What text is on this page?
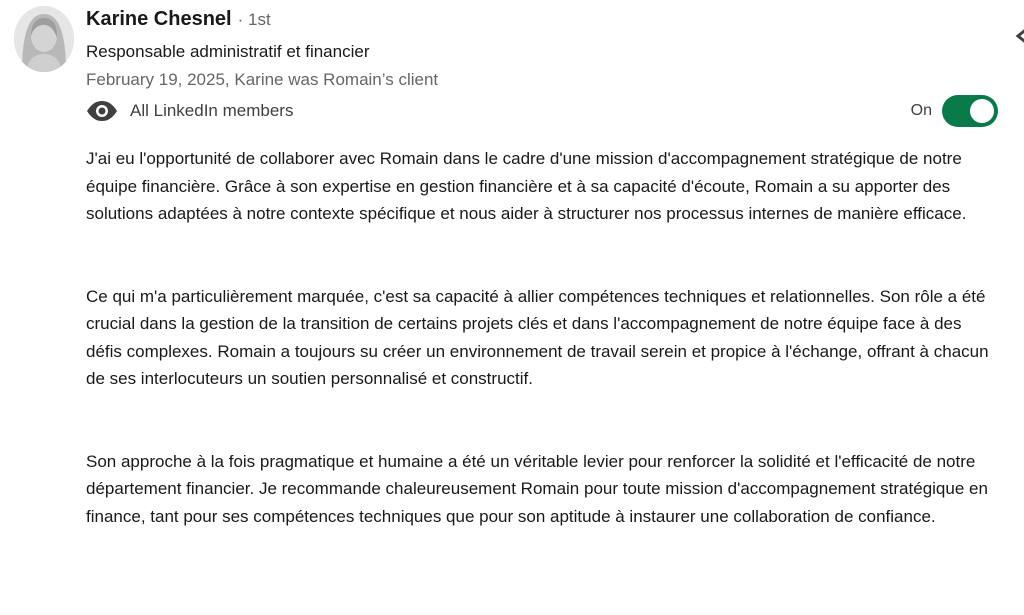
Karine Chesnel · 1st
Responsable administratif et financier
February 19, 2025, Karine was Romain’s client
All LinkedIn members	On

J'ai eu l'opportunité de collaborer avec Romain dans le cadre d'une mission d'accompagnement stratégique de notre équipe financière. Grâce à son expertise en gestion financière et à sa capacité d'écoute, Romain a su apporter des solutions adaptées à notre contexte spécifique et nous aider à structurer nos processus internes de manière efficace.

Ce qui m'a particulièrement marquée, c'est sa capacité à allier compétences techniques et relationnelles. Son rôle a été crucial dans la gestion de la transition de certains projets clés et dans l'accompagnement de notre équipe face à des défis complexes. Romain a toujours su créer un environnement de travail serein et propice à l'échange, offrant à chacun de ses interlocuteurs un soutien personnalisé et constructif.

Son approche à la fois pragmatique et humaine a été un véritable levier pour renforcer la solidité et l'efficacité de notre département financier. Je recommande chaleureusement Romain pour toute mission d'accompagnement stratégique en finance, tant pour ses compétences techniques que pour son aptitude à instaurer une collaboration de confiance.
